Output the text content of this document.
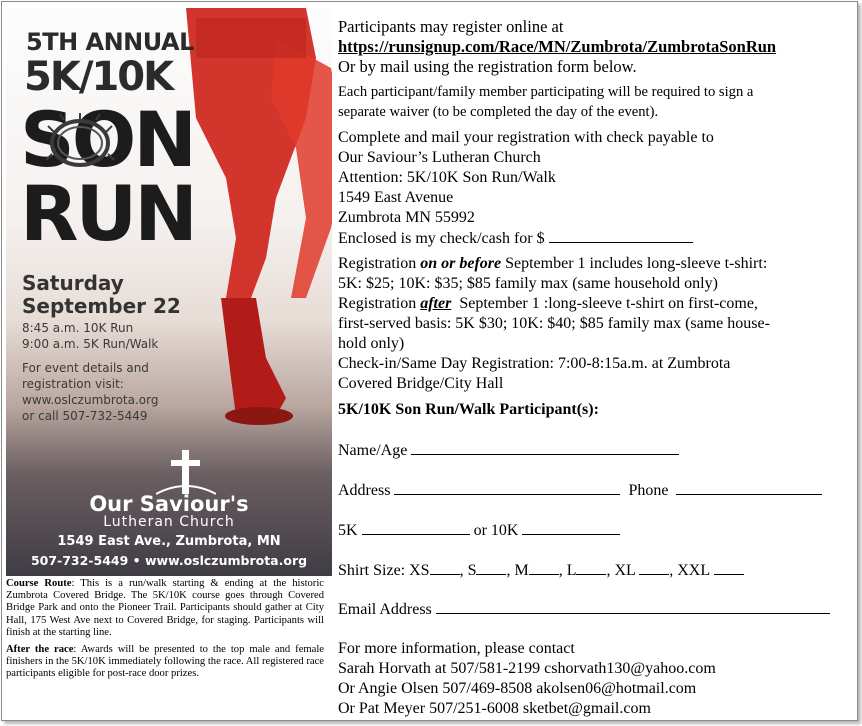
5TH ANNUAL
5K/10K
SON
RUN
Saturday
September 22
8:45 a.m. 10K Run
9:00 a.m. 5K Run/Walk
For event details and
registration visit:
www.oslczumbrota.org
or call 507-732-5449
Our Saviour's
Lutheran Church
1549 East Ave., Zumbrota, MN
507-732-5449 • www.oslczumbrota.org

Course Route: This is a run/walk starting & ending at the historic Zumbrota Covered Bridge. The 5K/10K course goes through Covered Bridge Park and onto the Pioneer Trail. Participants should gather at City Hall, 175 West Ave next to Covered Bridge, for staging. Participants will finish at the starting line.

After the race: Awards will be presented to the top male and female finishers in the 5K/10K immediately following the race. All registered race participants eligible for post-race door prizes.

Participants may register online at
https://runsignup.com/Race/MN/Zumbrota/ZumbrotaSonRun
Or by mail using the registration form below.
Each participant/family member participating will be required to sign a
separate waiver (to be completed the day of the event).
Complete and mail your registration with check payable to
Our Saviour’s Lutheran Church
Attention: 5K/10K Son Run/Walk
1549 East Avenue
Zumbrota MN 55992
Enclosed is my check/cash for $
Registration on or before September 1 includes long-sleeve t-shirt:
5K: $25; 10K: $35; $85 family max (same household only)
Registration after  September 1 :long-sleeve t-shirt on first-come,
first-served basis: 5K $30; 10K: $40; $85 family max (same house-
hold only)
Check-in/Same Day Registration: 7:00-8:15a.m. at Zumbrota
Covered Bridge/City Hall
5K/10K Son Run/Walk Participant(s):
Name/Age
Address	Phone
5K	or 10K
Shirt Size: XS , S , M , L , XL , XXL
Email Address
For more information, please contact
Sarah Horvath at 507/581-2199 cshorvath130@yahoo.com
Or Angie Olsen 507/469-8508 akolsen06@hotmail.com
Or Pat Meyer 507/251-6008 sketbet@gmail.com
